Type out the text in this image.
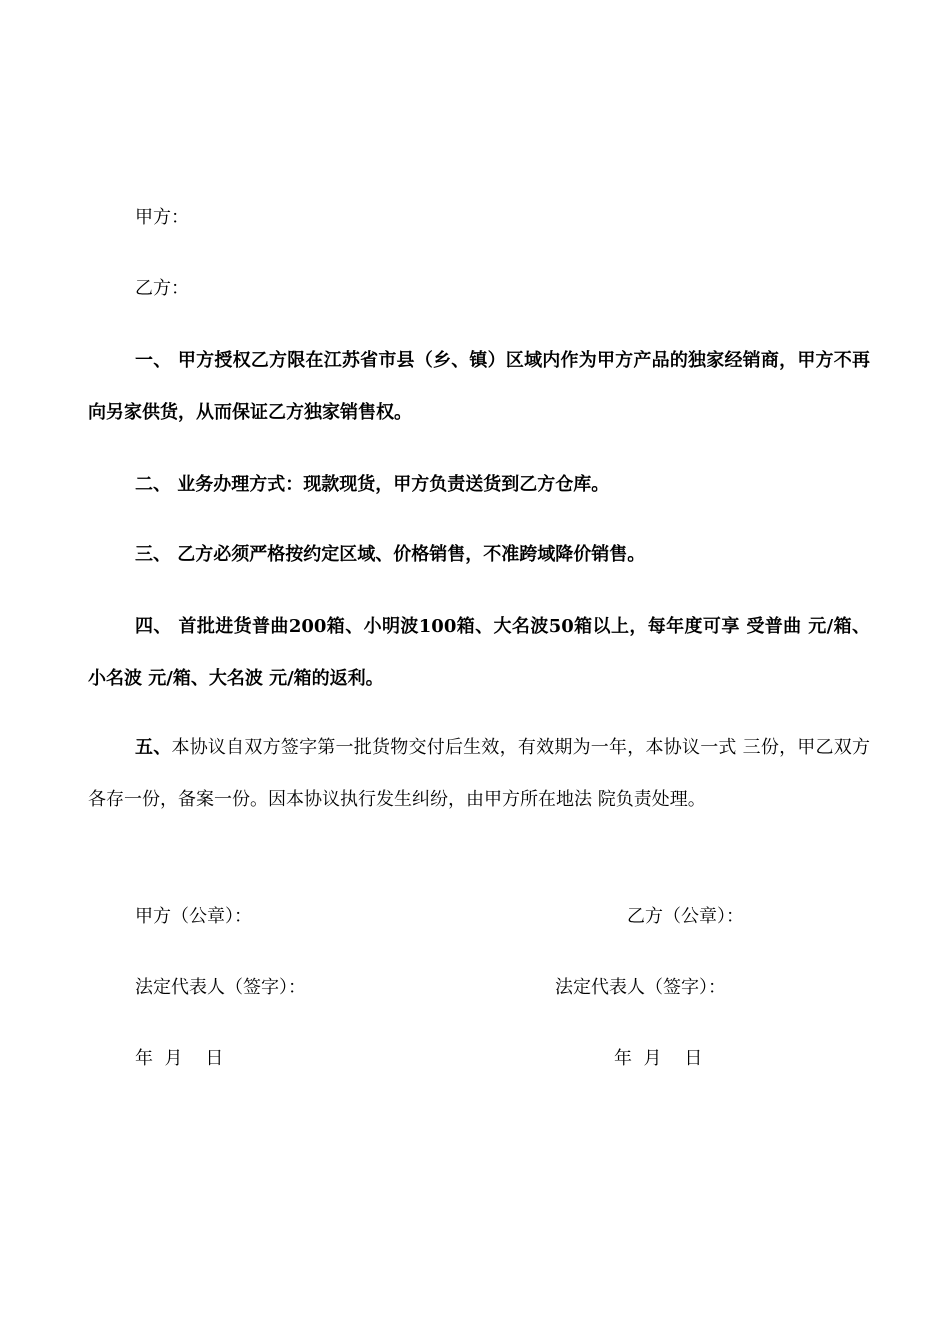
甲方：

乙方：

一、 甲方授权乙方限在江苏省市县（乡、镇）区域内作为甲方产品的独家经销商，甲方不再向另家供货，从而保证乙方独家销售权。

二、 业务办理方式：现款现货，甲方负责送货到乙方仓库。

三、 乙方必须严格按约定区域、价格销售，不准跨域降价销售。

四、 首批进货普曲200箱、小明波100箱、大名波50箱以上，每年度可享 受普曲 元/箱、小名波 元/箱、大名波 元/箱的返利。

五、本协议自双方签字第一批货物交付后生效，有效期为一年，本协议一式 三份，甲乙双方各存一份，备案一份。因本协议执行发生纠纷，由甲方所在地法 院负责处理。

甲方（公章）：	乙方（公章）：

法定代表人（签字）：	法定代表人（签字）：

年  月    日	年  月    日
